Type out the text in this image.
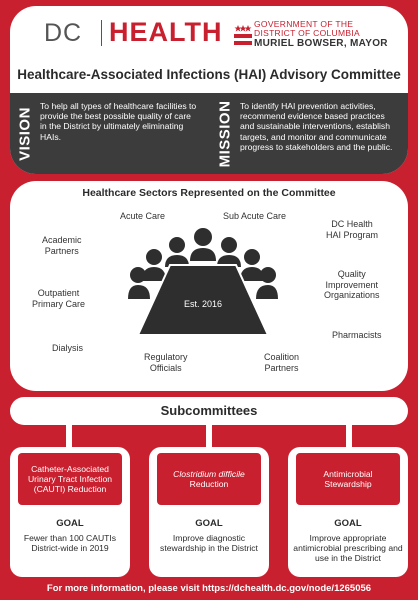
DC HEALTH	GOVERNMENT OF THE
DISTRICT OF COLUMBIA
MURIEL BOWSER, MAYOR
Healthcare-Associated Infections (HAI) Advisory Committee
VISION
To help all types of healthcare facilities to provide the best possible quality of care in the District by ultimately eliminating HAIs.	MISSION To identify HAI prevention activities, recommend evidence based practices and sustainable interventions, establish targets, and monitor and communicate progress to stakeholders and the public.
Healthcare Sectors Represented on the Committee
Acute Care	Sub Acute Care
DC Health
HAI Program
Academic
Partners
Quality
Improvement
Organizations
Outpatient
Primary Care
Pharmacists
Dialysis
Regulatory
Officials
Coalition
Partners
Est. 2016
Subcommittees
Catheter-Associated Urinary Tract Infection (CAUTI) Reduction
GOAL
Fewer than 100 CAUTIs District-wide in 2019
Clostridium difficile
Reduction
GOAL
Improve diagnostic stewardship in the District
Antimicrobial Stewardship
GOAL
Improve appropriate antimicrobial prescribing and use in the District
For more information, please visit https://dchealth.dc.gov/node/1265056
